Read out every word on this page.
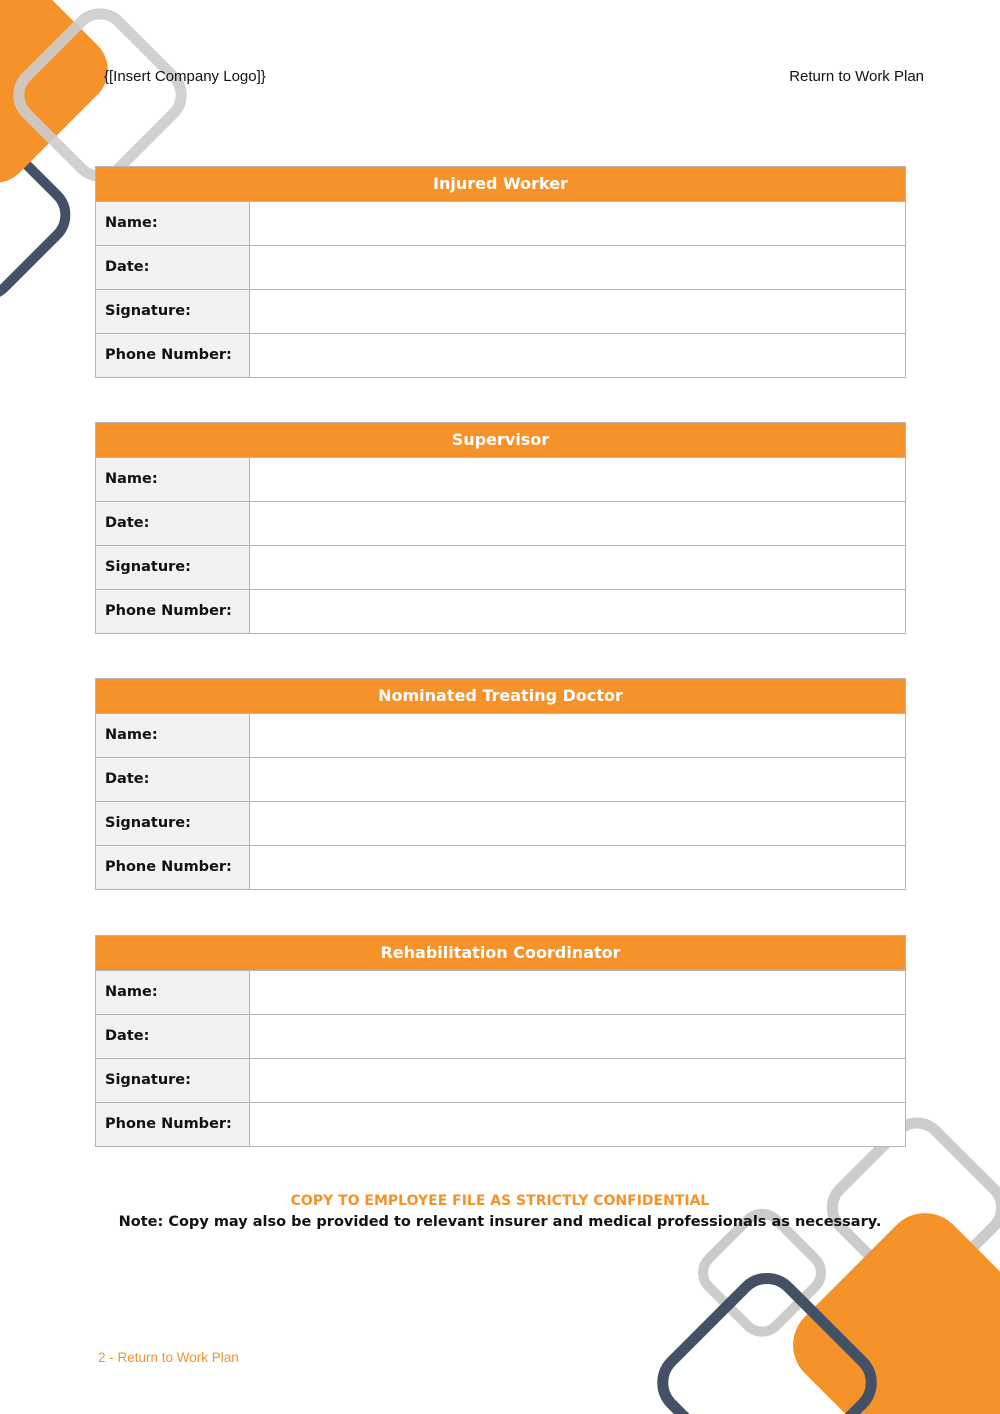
{[Insert Company Logo]}	Return to Work Plan
Injured Worker
Name:
Date:
Signature:
Phone Number:
Supervisor
Name:
Date:
Signature:
Phone Number:
Nominated Treating Doctor
Name:
Date:
Signature:
Phone Number:
Rehabilitation Coordinator
Name:
Date:
Signature:
Phone Number:
COPY TO EMPLOYEE FILE AS STRICTLY CONFIDENTIAL
Note: Copy may also be provided to relevant insurer and medical professionals as necessary.
2 - Return to Work Plan
